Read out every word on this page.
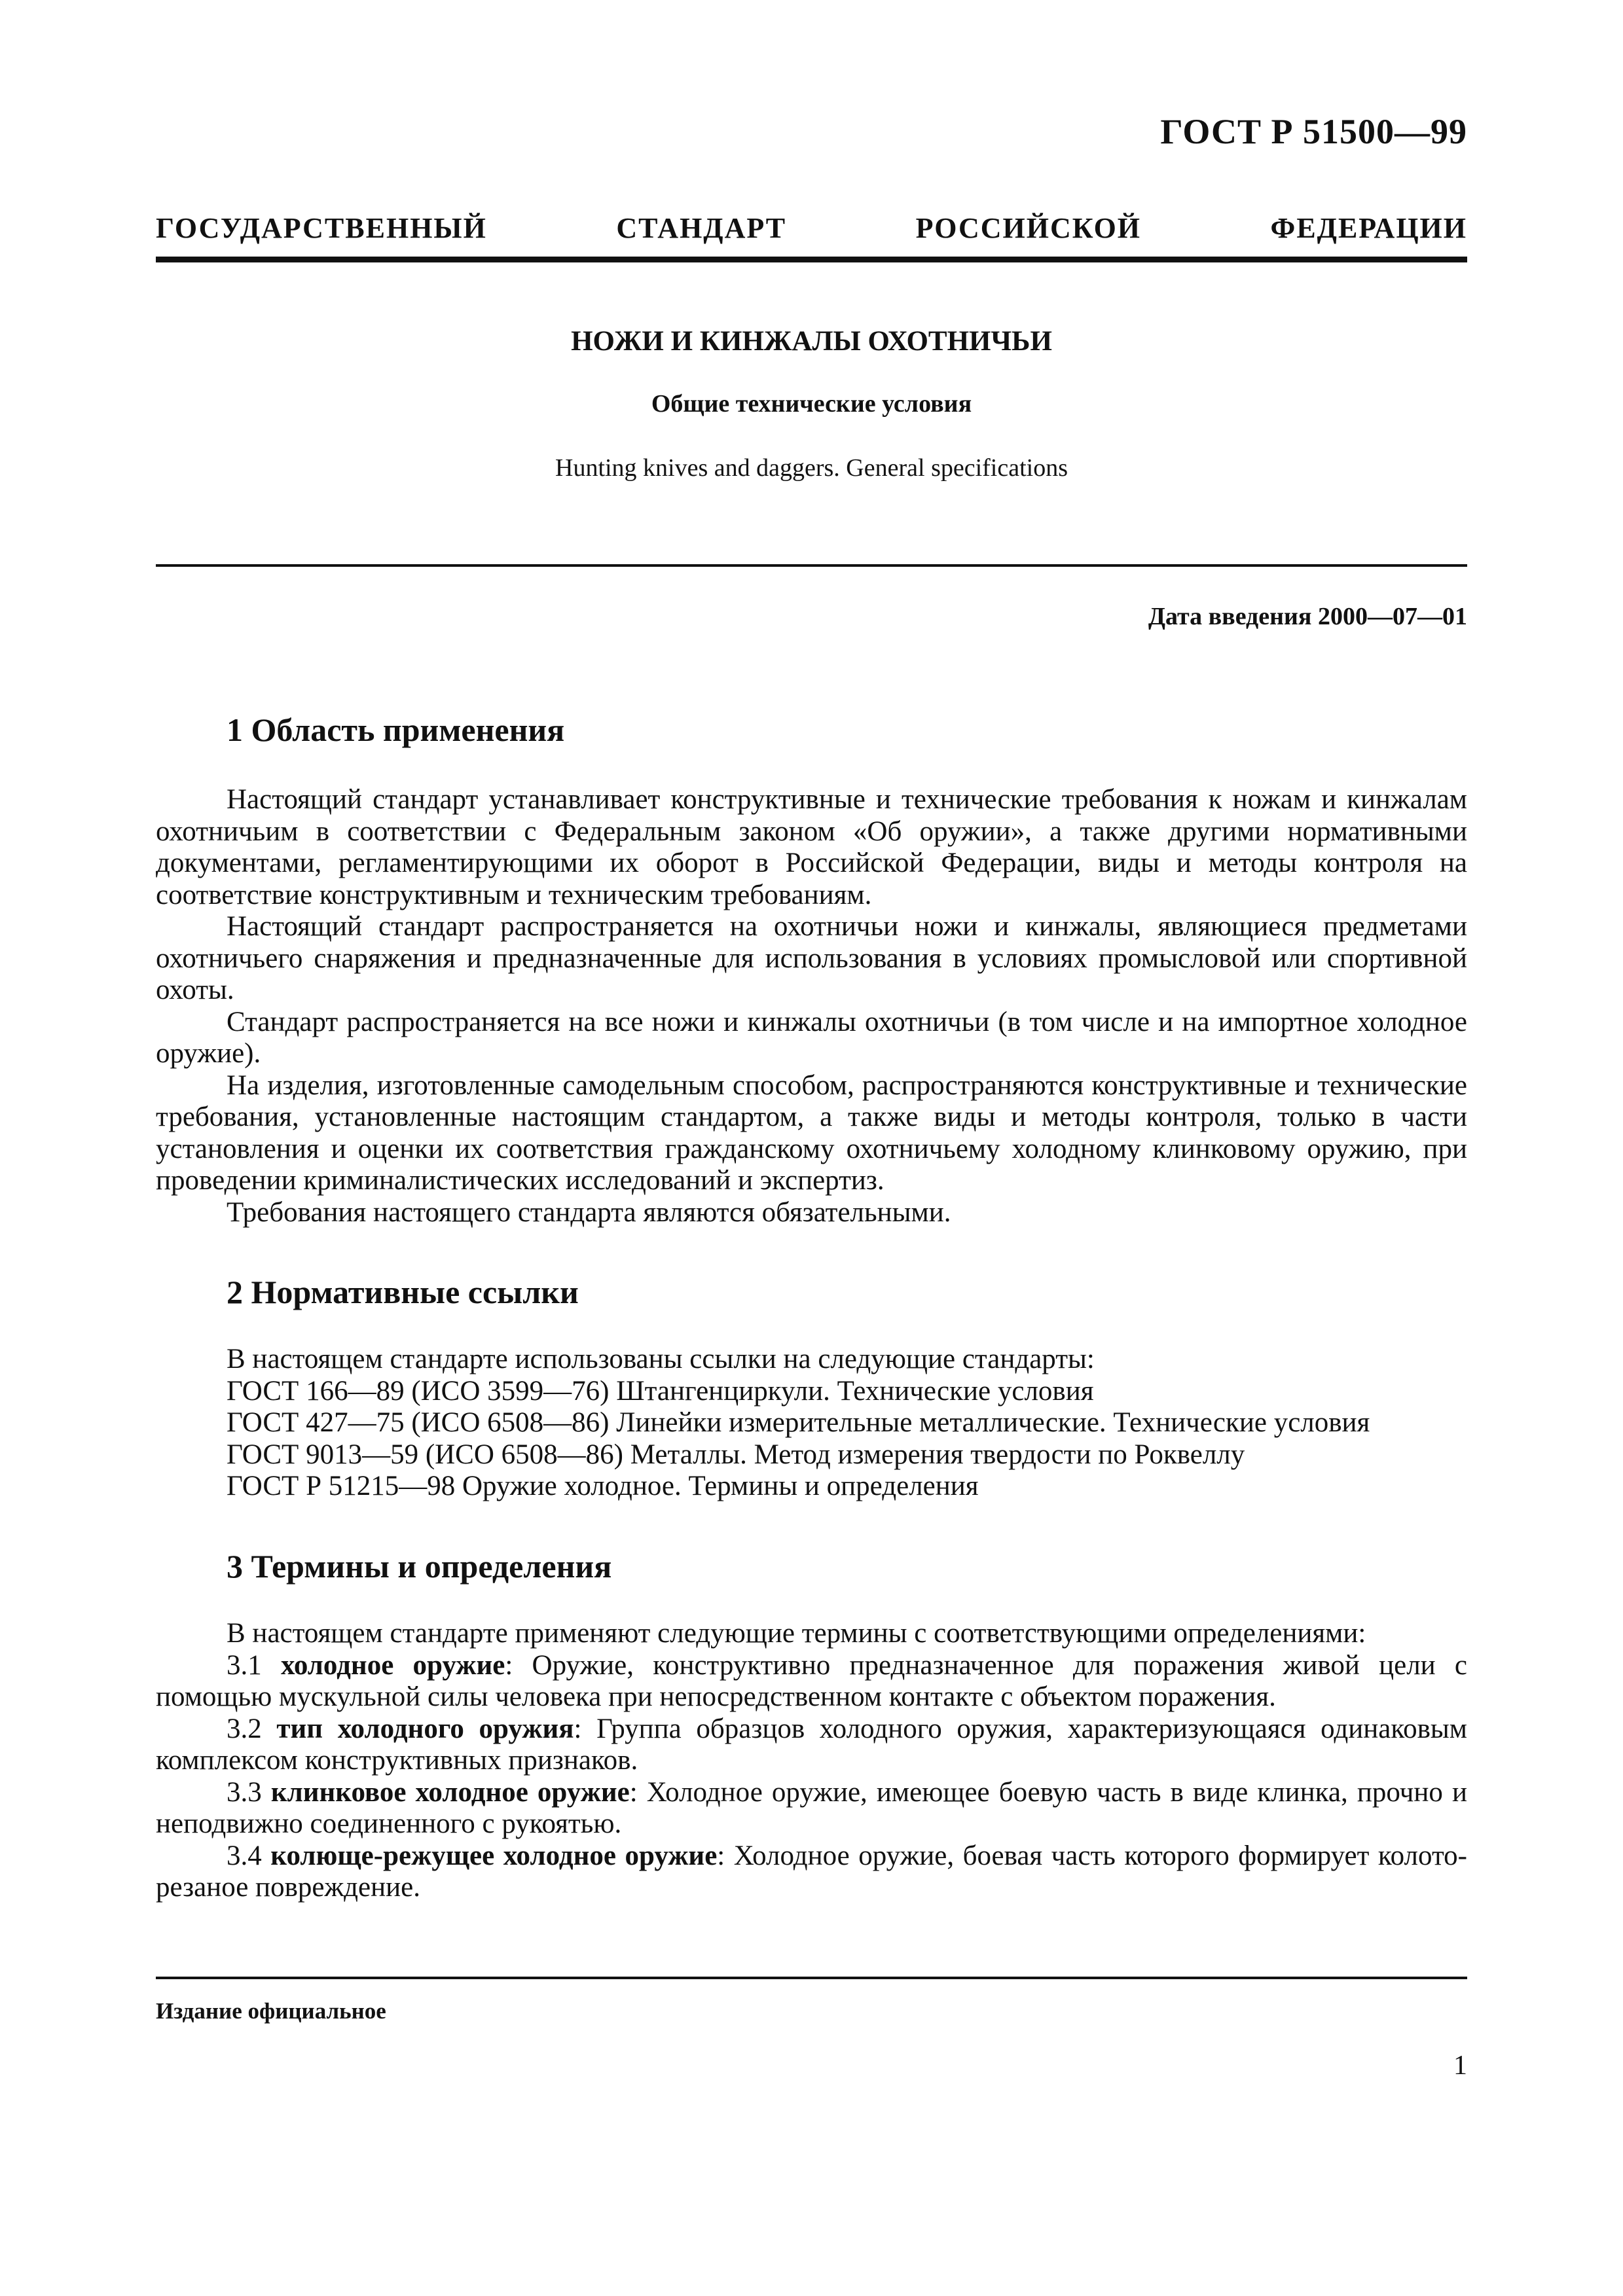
ГОСТ Р 51500—99
ГОСУДАРСТВЕННЫЙ СТАНДАРТ РОССИЙСКОЙ ФЕДЕРАЦИИ
НОЖИ И КИНЖАЛЫ ОХОТНИЧЬИ
Общие технические условия
Hunting knives and daggers. General specifications
Дата введения 2000—07—01
1 Область применения

Настоящий стандарт устанавливает конструктивные и технические требования к ножам и кинжалам охотничьим в соответствии с Федеральным законом «Об оружии», а также другими нормативными документами, регламентирующими их оборот в Российской Федерации, виды и методы контроля на соответствие конструктивным и техническим требованиям.

Настоящий стандарт распространяется на охотничьи ножи и кинжалы, являющиеся предметами охотничьего снаряжения и предназначенные для использования в условиях промысловой или спортивной охоты.

Стандарт распространяется на все ножи и кинжалы охотничьи (в том числе и на импортное холодное оружие).

На изделия, изготовленные самодельным способом, распространяются конструктивные и технические требования, установленные настоящим стандартом, а также виды и методы контроля, только в части установления и оценки их соответствия гражданскому охотничьему холодному клинковому оружию, при проведении криминалистических исследований и экспертиз.

Требования настоящего стандарта являются обязательными.

2 Нормативные ссылки

В настоящем стандарте использованы ссылки на следующие стандарты:

ГОСТ 166—89 (ИСО 3599—76) Штангенциркули. Технические условия

ГОСТ 427—75 (ИСО 6508—86) Линейки измерительные металлические. Технические условия

ГОСТ 9013—59 (ИСО 6508—86) Металлы. Метод измерения твердости по Роквеллу

ГОСТ Р 51215—98 Оружие холодное. Термины и определения

3 Термины и определения

В настоящем стандарте применяют следующие термины с соответствующими определениями:

3.1 холодное оружие: Оружие, конструктивно предназначенное для поражения живой цели с помощью мускульной силы человека при непосредственном контакте с объектом поражения.

3.2 тип холодного оружия: Группа образцов холодного оружия, характеризующаяся одинаковым комплексом конструктивных признаков.

3.3 клинковое холодное оружие: Холодное оружие, имеющее боевую часть в виде клинка, прочно и неподвижно соединенного с рукоятью.

3.4 колюще-режущее холодное оружие: Холодное оружие, боевая часть которого формирует колото-резаное повреждение.

Издание официальное
1
